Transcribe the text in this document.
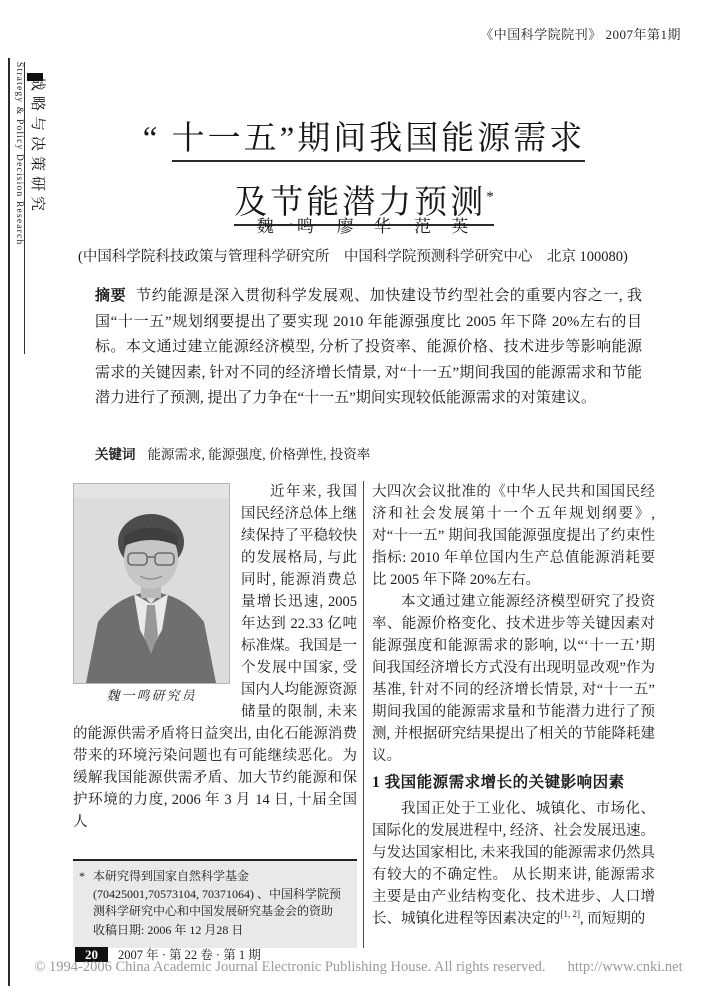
《中国科学院院刊》 2007年第1期
战略与决策研究
Strategy & Policy Decision Research	“ 十一五”期间我国能源需求
及节能潜力预测*
魏一鸣　廖 华　范 英
(中国科学院科技政策与管理科学研究所　中国科学院预测科学研究中心　北京 100080)
摘要 节约能源是深入贯彻科学发展观、加快建设节约型社会的重要内容之一, 我国“十一五”规划纲要提出了要实现 2010 年能源强度比 2005 年下降 20%左右的目标。本文通过建立能源经济模型, 分析了投资率、能源价格、技术进步等影响能源需求的关键因素, 针对不同的经济增长情景, 对“十一五”期间我国的能源需求和节能潜力进行了预测, 提出了力争在“十一五”期间实现较低能源需求的对策建议。
关键词 能源需求, 能源强度, 价格弹性, 投资率
魏一鸣研究员

近年来, 我国国民经济总体上继续保持了平稳较快的发展格局, 与此同时, 能源消费总量增长迅速, 2005 年达到 22.33 亿吨标准煤。我国是一个发展中国家, 受国内人均能源资源储量的限制, 未来的能源供需矛盾将日益突出, 由化石能源消费带来的环境污染问题也有可能继续恶化。为缓解我国能源供需矛盾、加大节约能源和保护环境的力度, 2006 年 3 月 14 日, 十届全国人

* 本研究得到国家自然科学基金(70425001,70573104, 70371064) 、中国科学院预测科学研究中心和中国发展研究基金会的资助

收稿日期: 2006 年 12 月28 日

大四次会议批准的《中华人民共和国国民经济和社会发展第十一个五年规划纲要》, 对“十一五” 期间我国能源强度提出了约束性指标: 2010 年单位国内生产总值能源消耗要比 2005 年下降 20%左右。

本文通过建立能源经济模型研究了投资率、能源价格变化、技术进步等关键因素对能源强度和能源需求的影响, 以“‘十一五’期间我国经济增长方式没有出现明显改观”作为基准, 针对不同的经济增长情景, 对“十一五” 期间我国的能源需求量和节能潜力进行了预测, 并根据研究结果提出了相关的节能降耗建议。

1 我国能源需求增长的关键影响因素

我国正处于工业化、城镇化、市场化、国际化的发展进程中, 经济、社会发展迅速。与发达国家相比, 未来我国的能源需求仍然具有较大的不确定性。 从长期来讲, 能源需求主要是由产业结构变化、技术进步、人口增长、城镇化进程等因素决定的[1, 2], 而短期的

20	2007 年 · 第 22 卷 · 第 1 期
© 1994-2006 China Academic Journal Electronic Publishing House. All rights reserved. http://www.cnki.net
